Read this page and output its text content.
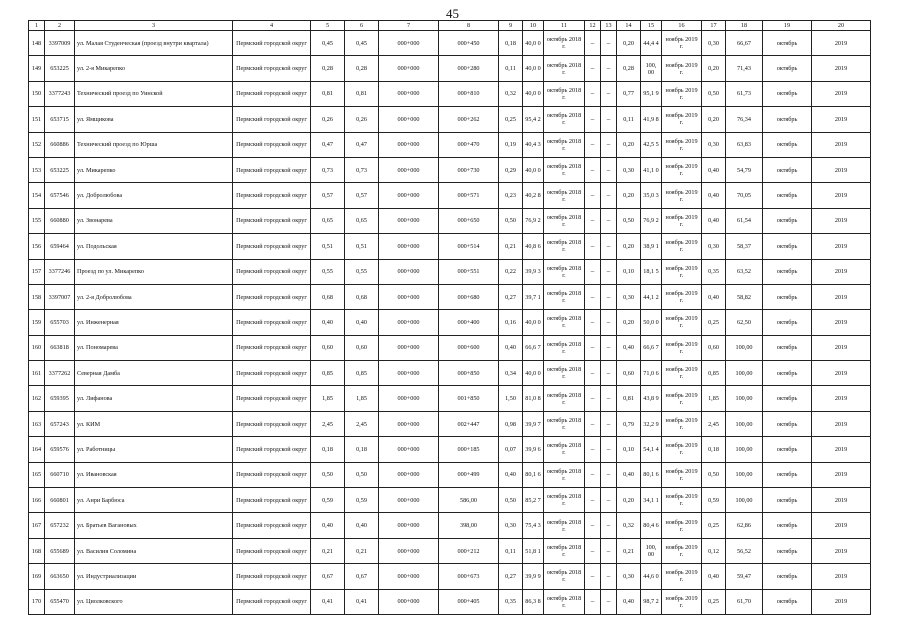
45
1	2	3	4	5	6	7	8	9	10	11	12	13	14	15	16	17	18	19	20
148	3397009	ул. Малая Студенческая (проезд внутри квартала)	Пермский городской округ	0,45	0,45	000+000	000+450	0,18	40,0 0	октябрь 2018 г.	–	–	0,20	44,4 4	ноябрь 2019 г.	0,30	66,67	октябрь	2019
149	653225	ул. 2-я Микарепко	Пермский городской округ	0,28	0,28	000+000	000+280	0,11	40,0 0	октябрь 2018 г.	–	–	0,28	100, 00	ноябрь 2019 г.	0,20	71,43	октябрь	2019
150	3377243	Технический проезд по Уинской	Пермский городской округ	0,81	0,81	000+000	000+810	0,32	40,0 0	октябрь 2018 г.	–	–	0,77	95,1 9	ноябрь 2019 г.	0,50	61,73	октябрь	2019
151	653715	ул. Ямщикова	Пермский городской округ	0,26	0,26	000+000	000+262	0,25	95,4 2	октябрь 2018 г.	–	–	0,11	41,9 8	ноябрь 2019 г.	0,20	76,34	октябрь	2019
152	660886	Технический проезд по Юрша	Пермский городской округ	0,47	0,47	000+000	000+470	0,19	40,4 3	октябрь 2018 г.	–	–	0,20	42,5 5	ноябрь 2019 г.	0,30	63,83	октябрь	2019
153	653225	ул. Микарепко	Пермский городской округ	0,73	0,73	000+000	000+730	0,29	40,0 0	октябрь 2018 г.	–	–	0,30	41,1 0	ноябрь 2019 г.	0,40	54,79	октябрь	2019
154	657546	ул. Добролюбова	Пермский городской округ	0,57	0,57	000+000	000+571	0,23	40,2 8	октябрь 2018 г.	–	–	0,20	35,0 3	ноябрь 2019 г.	0,40	70,05	октябрь	2019
155	660880	ул. Звонарева	Пермский городской округ	0,65	0,65	000+000	000+650	0,50	76,9 2	октябрь 2018 г.	–	–	0,50	76,9 2	ноябрь 2019 г.	0,40	61,54	октябрь	2019
156	659464	ул. Подольская	Пермский городской округ	0,51	0,51	000+000	000+514	0,21	40,8 6	октябрь 2018 г.	–	–	0,20	38,9 1	ноябрь 2019 г.	0,30	58,37	октябрь	2019
157	3377246	Проезд по ул. Микарепко	Пермский городской округ	0,55	0,55	000+000	000+551	0,22	39,9 3	октябрь 2018 г.	–	–	0,10	18,1 5	ноябрь 2019 г.	0,35	63,52	октябрь	2019
158	3397007	ул. 2-я Добролюбова	Пермский городской округ	0,68	0,68	000+000	000+680	0,27	39,7 1	октябрь 2018 г.	–	–	0,30	44,1 2	ноябрь 2019 г.	0,40	58,82	октябрь	2019
159	655703	ул. Инженерная	Пермский городской округ	0,40	0,40	000+000	000+400	0,16	40,0 0	октябрь 2018 г.	–	–	0,20	50,0 0	ноябрь 2019 г.	0,25	62,50	октябрь	2019
160	663818	ул. Пономарева	Пермский городской округ	0,60	0,60	000+000	000+600	0,40	66,6 7	октябрь 2018 г.	–	–	0,40	66,6 7	ноябрь 2019 г.	0,60	100,00	октябрь	2019
161	3377262	Северная Дамба	Пермский городской округ	0,85	0,85	000+000	000+850	0,34	40,0 0	октябрь 2018 г.	–	–	0,60	71,0 6	ноябрь 2019 г.	0,85	100,00	октябрь	2019
162	659395	ул. Лифанова	Пермский городской округ	1,85	1,85	000+000	001+850	1,50	81,0 8	октябрь 2018 г.	–	–	0,81	43,8 9	ноябрь 2019 г.	1,85	100,00	октябрь	2019
163	657243	ул. КИМ	Пермский городской округ	2,45	2,45	000+000	002+447	0,98	39,9 7	октябрь 2018 г.	–	–	0,79	32,2 9	ноябрь 2019 г.	2,45	100,00	октябрь	2019
164	659576	ул. Работницы	Пермский городской округ	0,18	0,18	000+000	000+185	0,07	39,9 6	октябрь 2018 г.	–	–	0,10	54,1 4	ноябрь 2019 г.	0,18	100,00	октябрь	2019
165	660710	ул. Ивановская	Пермский городской округ	0,50	0,50	000+000	000+499	0,40	80,1 6	октябрь 2018 г.	–	–	0,40	80,1 6	ноябрь 2019 г.	0,50	100,00	октябрь	2019
166	660801	ул. Анри Барбюса	Пермский городской округ	0,59	0,59	000+000	586,00	0,50	85,2 7	октябрь 2018 г.	–	–	0,20	34,1 1	ноябрь 2019 г.	0,59	100,00	октябрь	2019
167	657232	ул. Братьев Вагановых	Пермский городской округ	0,40	0,40	000+000	398,00	0,30	75,4 3	октябрь 2018 г.	–	–	0,32	80,4 6	ноябрь 2019 г.	0,25	62,86	октябрь	2019
168	655689	ул. Василия Соломина	Пермский городской округ	0,21	0,21	000+000	000+212	0,11	51,8 1	октябрь 2018 г.	–	–	0,21	100, 00	ноябрь 2019 г.	0,12	56,52	октябрь	2019
169	663650	ул. Индустриализации	Пермский городской округ	0,67	0,67	000+000	000+673	0,27	39,9 9	октябрь 2018 г.	–	–	0,30	44,6 0	ноябрь 2019 г.	0,40	59,47	октябрь	2019
170	655470	ул. Циолковского	Пермский городской округ	0,41	0,41	000+000	000+405	0,35	86,3 8	октябрь 2018 г.	–	–	0,40	98,7 2	ноябрь 2019 г.	0,25	61,70	октябрь	2019
